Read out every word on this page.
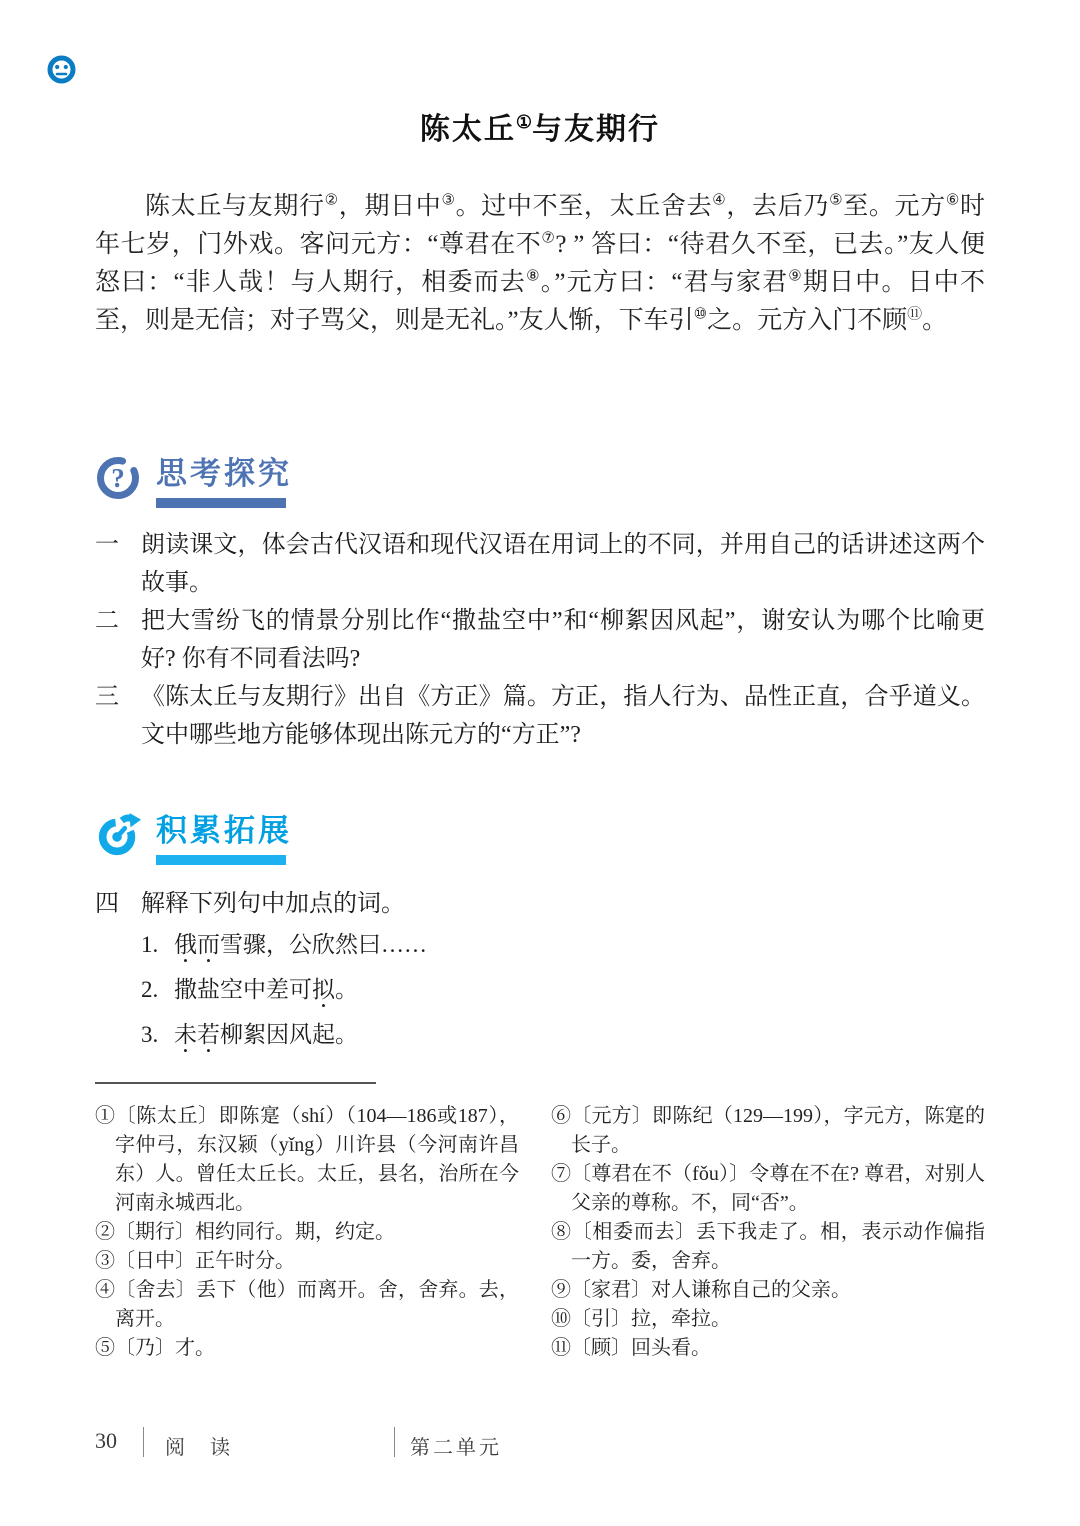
陈太丘①与友期行
陈太丘与友期行②，期日中③。过中不至，太丘舍去④，去后乃⑤至。元方⑥时年七岁，门外戏。客问元方：“尊君在不⑦? ” 答曰：“待君久不至，已去。”友人便怒曰：“非人哉！与人期行，相委而去⑧。”元方曰：“君与家君⑨期日中。日中不至，则是无信；对子骂父，则是无礼。”友人惭，下车引⑩之。元方入门不顾⑪。
? 思考探究
一 朗读课文，体会古代汉语和现代汉语在用词上的不同，并用自己的话讲述这两个故事。
二 把大雪纷飞的情景分别比作“撒盐空中”和“柳絮因风起”，谢安认为哪个比喻更好? 你有不同看法吗?
三 《陈太丘与友期行》出自《方正》篇。方正，指人行为、品性正直，合乎道义。文中哪些地方能够体现出陈元方的“方正”?
积累拓展
四 解释下列句中加点的词。
1. 俄而雪骤，公欣然曰……
2. 撒盐空中差可拟。
3. 未若柳絮因风起。
①〔陈太丘〕即陈寔（shí）（104—186或187），字仲弓，东汉颍（yǐng）川许县（今河南许昌东）人。曾任太丘长。太丘，县名，治所在今河南永城西北。
②〔期行〕相约同行。期，约定。
③〔日中〕正午时分。
④〔舍去〕丢下（他）而离开。舍，舍弃。去，离开。
⑤〔乃〕才。
⑥〔元方〕即陈纪（129—199），字元方，陈寔的长子。
⑦〔尊君在不（fǒu）〕令尊在不在? 尊君，对别人父亲的尊称。不，同“否”。
⑧〔相委而去〕丢下我走了。相，表示动作偏指一方。委，舍弃。
⑨〔家君〕对人谦称自己的父亲。
⑩〔引〕拉，牵拉。
⑪〔顾〕回头看。
30 阅 读	第二单元
